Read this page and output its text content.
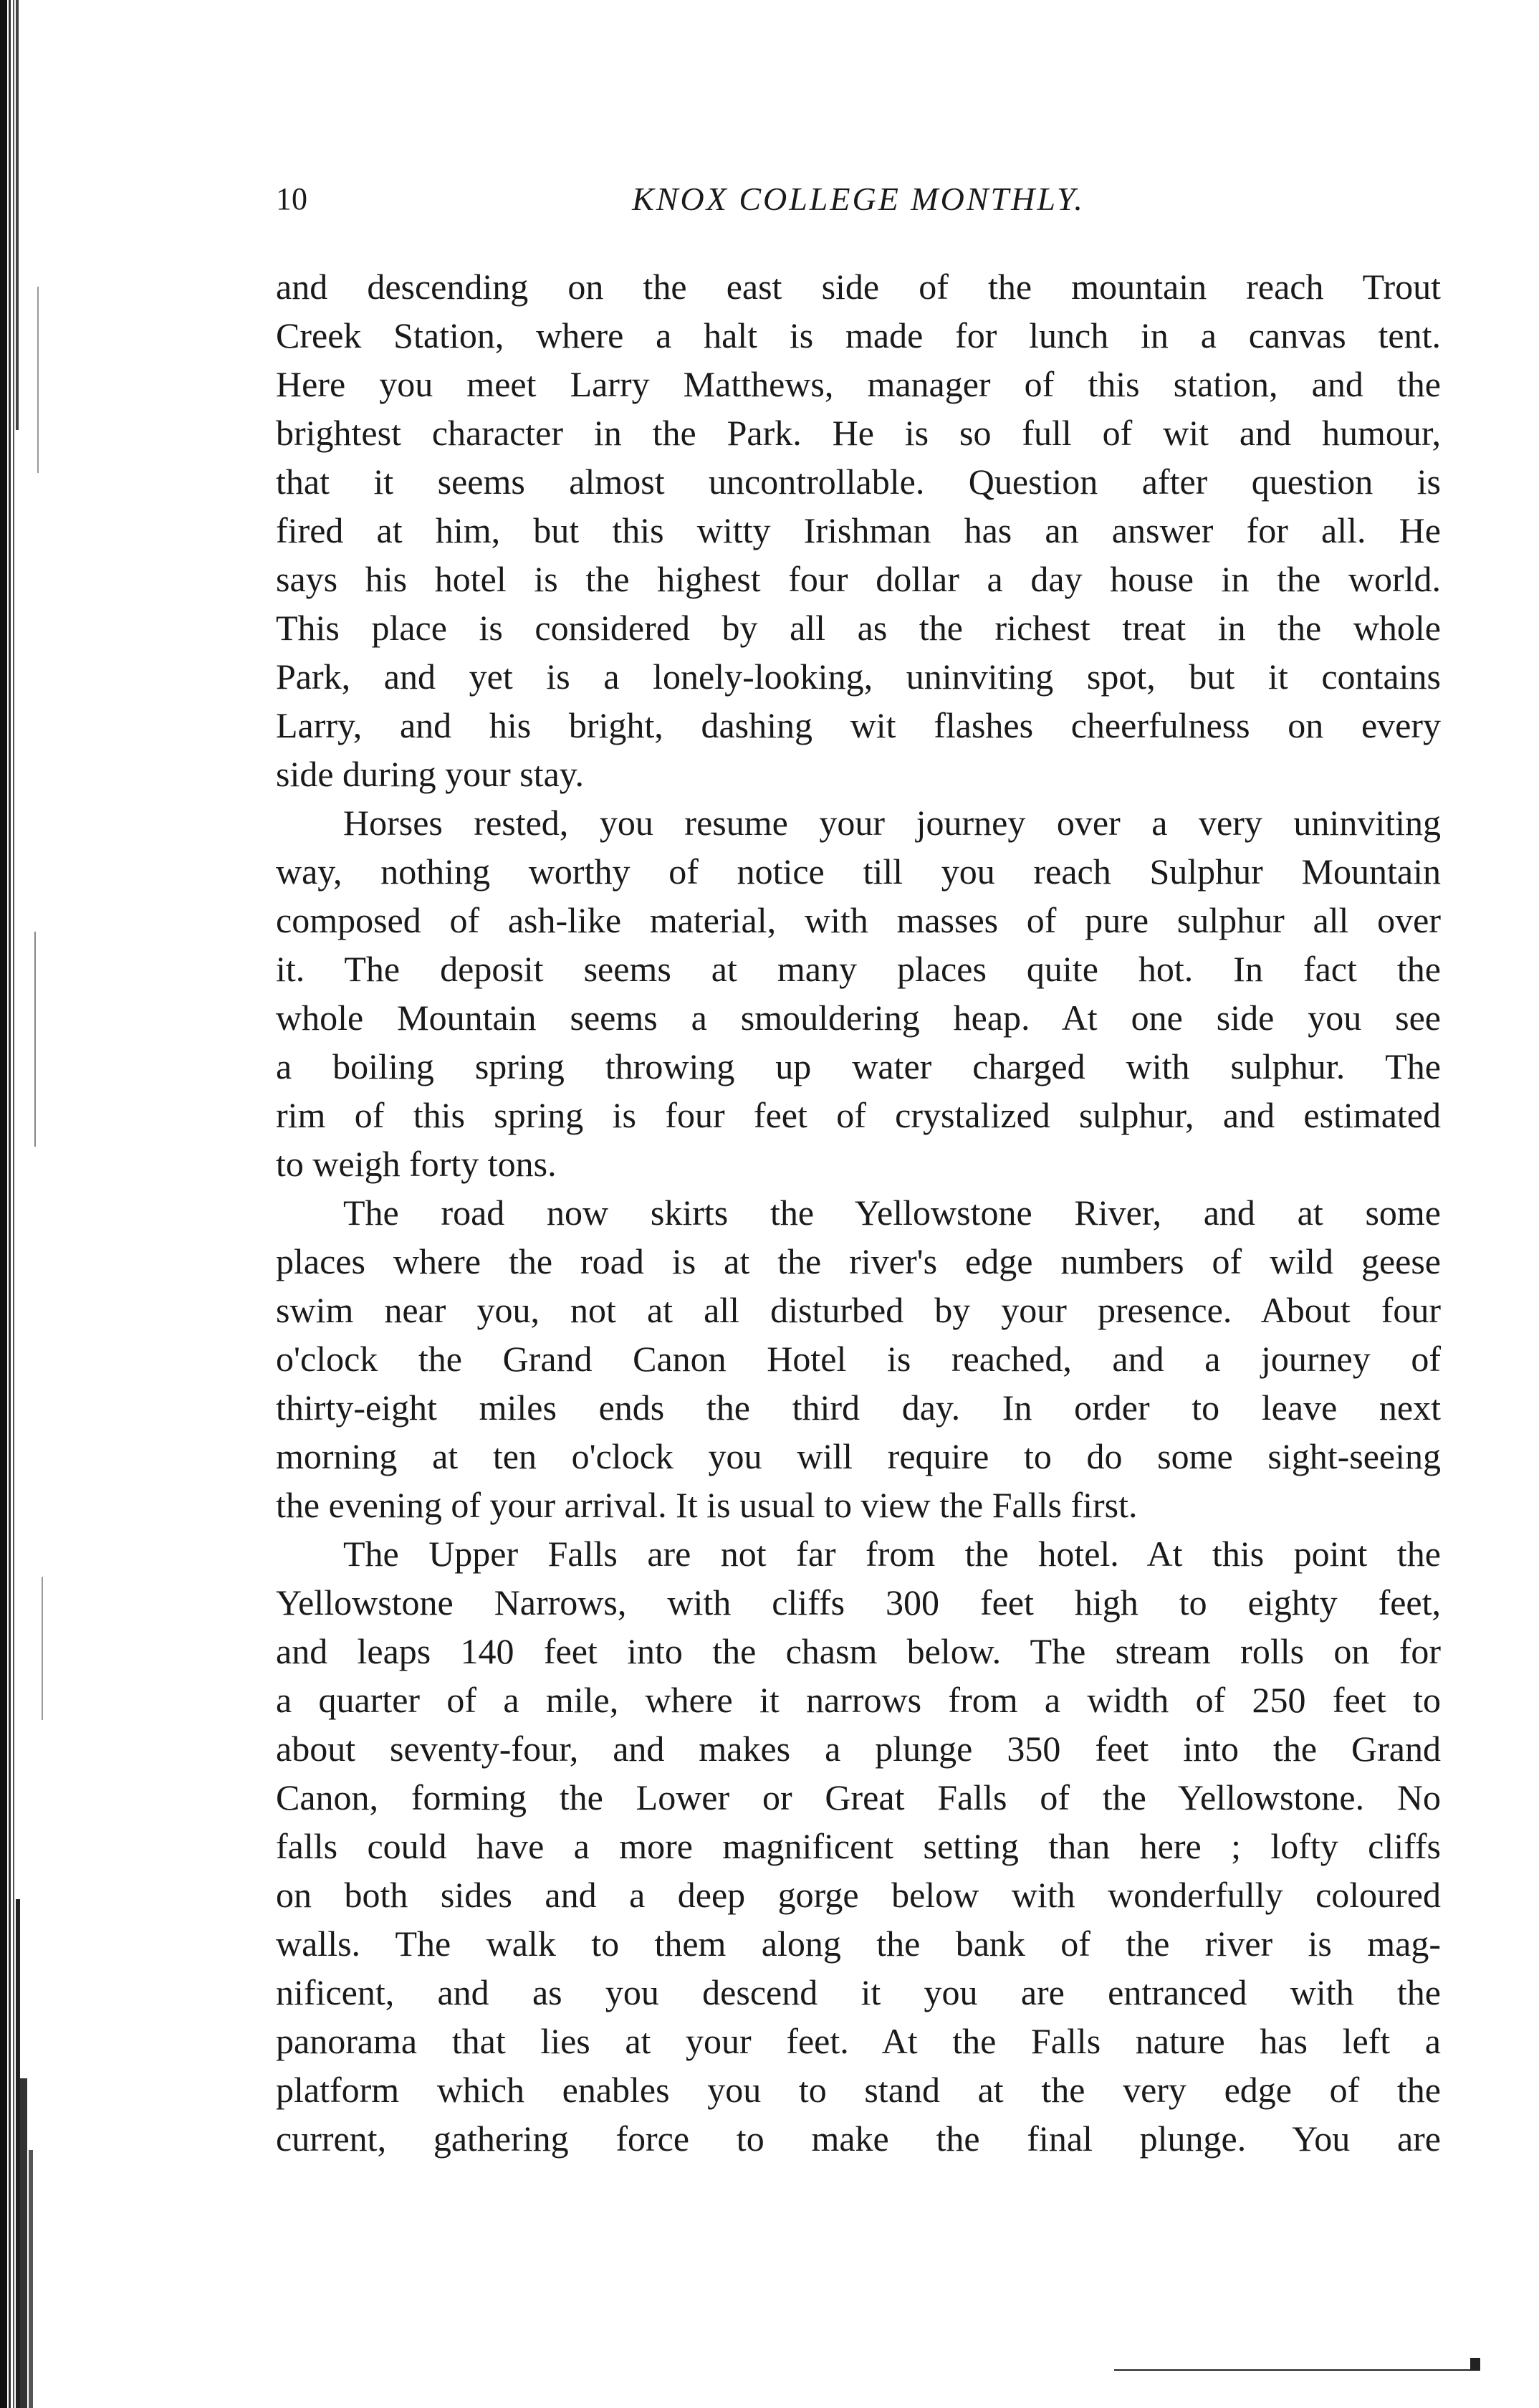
10	KNOX COLLEGE MONTHLY.
and descending on the east side of the mountain reach Trout
Creek Station, where a halt is made for lunch in a canvas tent.
Here you meet Larry Matthews, manager of this station, and the
brightest character in the Park. He is so full of wit and humour,
that it seems almost uncontrollable. Question after question is
fired at him, but this witty Irishman has an answer for all. He
says his hotel is the highest four dollar a day house in the world.
This place is considered by all as the richest treat in the whole
Park, and yet is a lonely-looking, uninviting spot, but it contains
Larry, and his bright, dashing wit flashes cheerfulness on every
side during your stay.
Horses rested, you resume your journey over a very uninviting
way, nothing worthy of notice till you reach Sulphur Mountain
composed of ash-like material, with masses of pure sulphur all over
it. The deposit seems at many places quite hot. In fact the
whole Mountain seems a smouldering heap. At one side you see
a boiling spring throwing up water charged with sulphur. The
rim of this spring is four feet of crystalized sulphur, and estimated
to weigh forty tons.
The road now skirts the Yellowstone River, and at some
places where the road is at the river's edge numbers of wild geese
swim near you, not at all disturbed by your presence. About four
o'clock the Grand Canon Hotel is reached, and a journey of
thirty-eight miles ends the third day. In order to leave next
morning at ten o'clock you will require to do some sight-seeing
the evening of your arrival. It is usual to view the Falls first.
The Upper Falls are not far from the hotel. At this point the
Yellowstone Narrows, with cliffs 300 feet high to eighty feet,
and leaps 140 feet into the chasm below. The stream rolls on for
a quarter of a mile, where it narrows from a width of 250 feet to
about seventy-four, and makes a plunge 350 feet into the Grand
Canon, forming the Lower or Great Falls of the Yellowstone. No
falls could have a more magnificent setting than here ; lofty cliffs
on both sides and a deep gorge below with wonderfully coloured
walls. The walk to them along the bank of the river is mag-
nificent, and as you descend it you are entranced with the
panorama that lies at your feet. At the Falls nature has left a
platform which enables you to stand at the very edge of the
current, gathering force to make the final plunge. You are
